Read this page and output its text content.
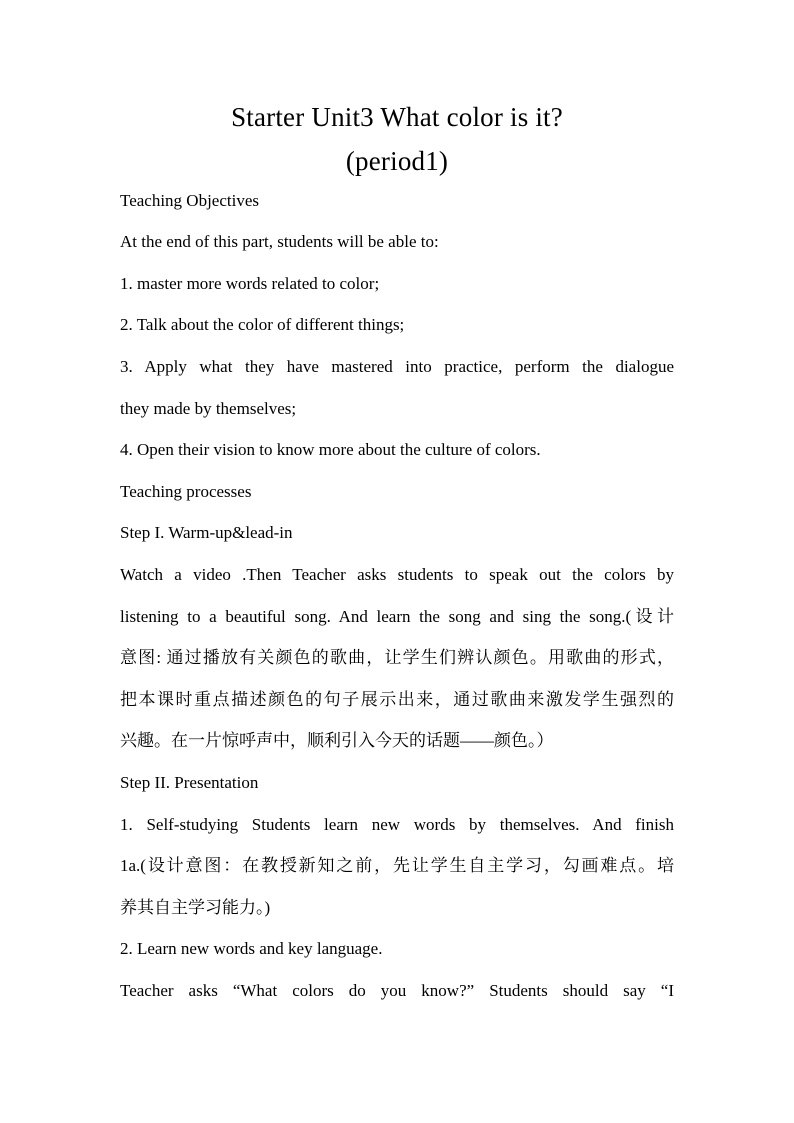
Starter Unit3 What color is it?
(period1)
Teaching Objectives
At the end of this part, students will be able to:
1. master more words related to color;
2. Talk about the color of different things;
3. Apply what they have mastered into practice, perform the dialogue
they made by themselves;
4. Open their vision to know more about the culture of colors.
Teaching processes
Step I. Warm-up&lead-in
Watch a video .Then Teacher asks students to speak out the colors by
listening to a beautiful song. And learn the song and sing the song.(设计
意图: 通过播放有关颜色的歌曲，让学生们辨认颜色。用歌曲的形式，
把本课时重点描述颜色的句子展示出来，通过歌曲来激发学生强烈的
兴趣。在一片惊呼声中，顺利引入今天的话题——颜色。）
Step II. Presentation
1. Self-studying Students learn new words by themselves. And finish
1a.(设计意图：在教授新知之前，先让学生自主学习，勾画难点。培
养其自主学习能力。)
2. Learn new words and key language.
Teacher asks “What colors do you know?” Students should say “I
